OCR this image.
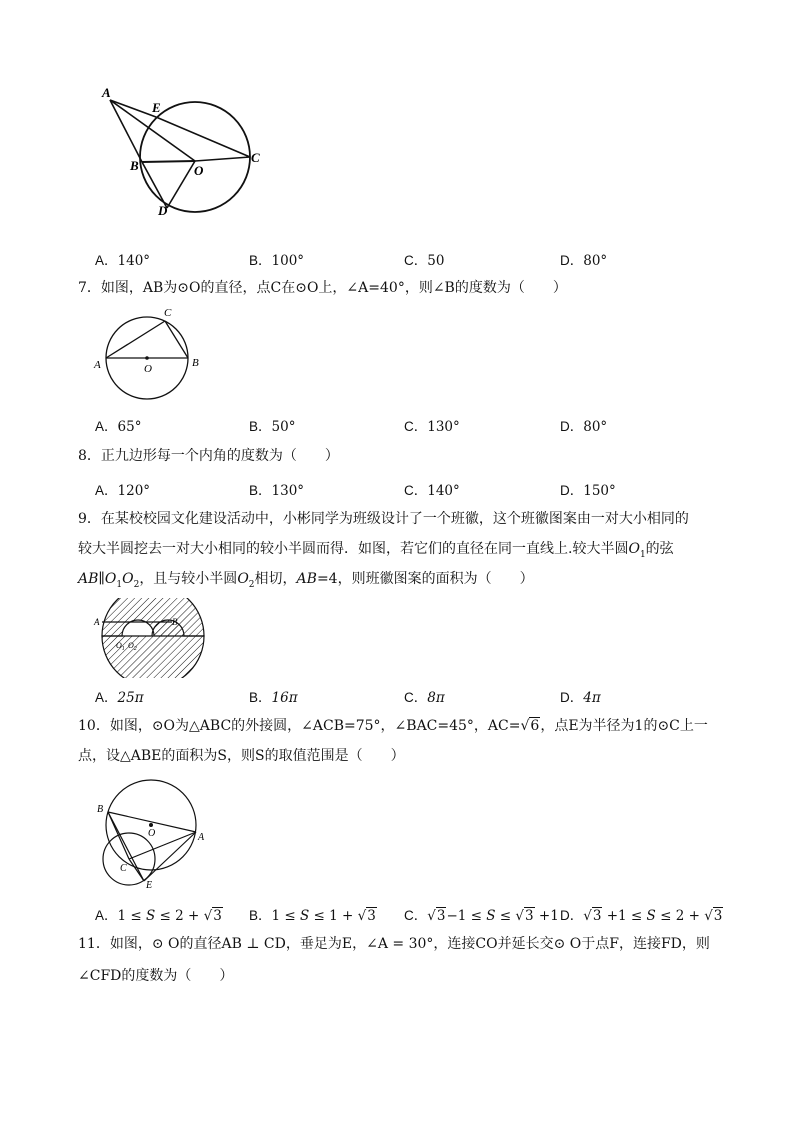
A
E
B	O
C
D
A．140°	B．100°	C．50	D．80°
7．如图，AB为⊙O的直径，点C在⊙O上，∠A=40°，则∠B的度数为（　　）
A	O	B
C
A．65°	B．50°	C．130°	D．80°
8．正九边形每一个内角的度数为（　　）
A．120°	B．130°	C．140°	D．150°
9．在某校校园文化建设活动中，小彬同学为班级设计了一个班徽，这个班徽图案由一对大小相同的
较大半圆挖去一对大小相同的较小半圆而得．如图，若它们的直径在同一直线上.较大半圆$O_1$的弦
$AB\parallel O_1O_2$，且与较小半圆$O_2$相切，AB=4，则班徽图案的面积为（　　）
A	B
$O_1$ $O_2$
A．25π	B．16π	C．8π	D．4π
10．如图，⊙O为△ABC的外接圆，∠ACB=75°，∠BAC=45°，AC=√6，点E为半径为1的⊙C上一
点，设△ABE的面积为S，则S的取值范围是（　　）
B
O	A
C
E
A．1 ≤ S ≤ 2 + √3 B．1 ≤ S ≤ 1 + √3 C．√3−1 ≤ S ≤ √3 +1 D．√3 +1 ≤ S ≤ 2 + √3
11．如图，⊙ O的直径AB ⊥ CD，垂足为E，∠A = 30°，连接CO并延长交⊙ O于点F，连接FD，则
∠CFD的度数为（　　）
